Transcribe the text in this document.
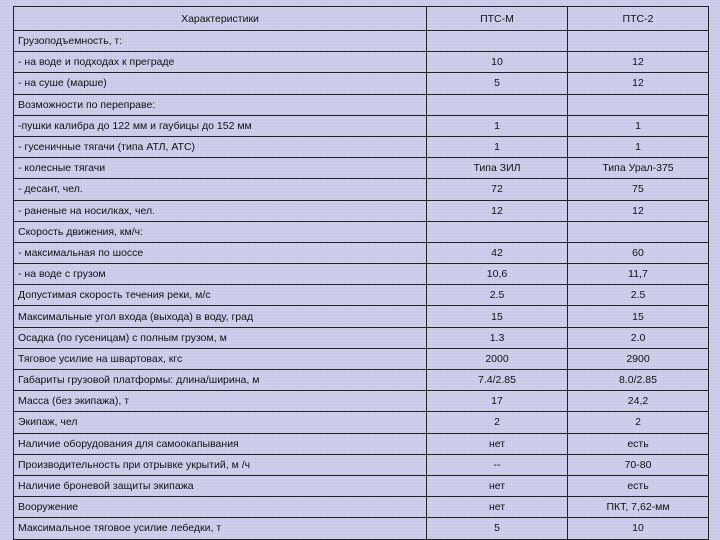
Характеристики	ПТС-М	ПТС-2
Грузоподъемность, т:		
- на воде и подходах к преграде	10	12
- на суше (марше)	5	12
Возможности по переправе:		
-пушки калибра до 122 мм и гаубицы до 152 мм	1	1
- гусеничные тягачи (типа АТЛ, АТС)	1	1
- колесные тягачи	Типа ЗИЛ	Типа Урал-375
- десант, чел.	72	75
- раненые на носилках, чел.	12	12
Скорость движения, км/ч:		
- максимальная по шоссе	42	60
- на воде с грузом	10,6	11,7
Допустимая скорость течения реки, м/с	2.5	2.5
Максимальные угол входа (выхода) в воду, град	15	15
Осадка (по гусеницам) с полным грузом, м	1.3	2.0
Тяговое усилие на швартовах, кгс	2000	2900
Габариты грузовой платформы: длина/ширина, м	7.4/2.85	8.0/2.85
Масса (без экипажа), т	17	24,2
Экипаж, чел	2	2
Наличие оборудования для самоокапывания	нет	есть
Производительность при отрывке укрытий, м /ч	--	70-80
Наличие броневой защиты экипажа	нет	есть
Вооружение	нет	ПКТ, 7,62-мм
Максимальное тяговое усилие лебедки, т	5	10
